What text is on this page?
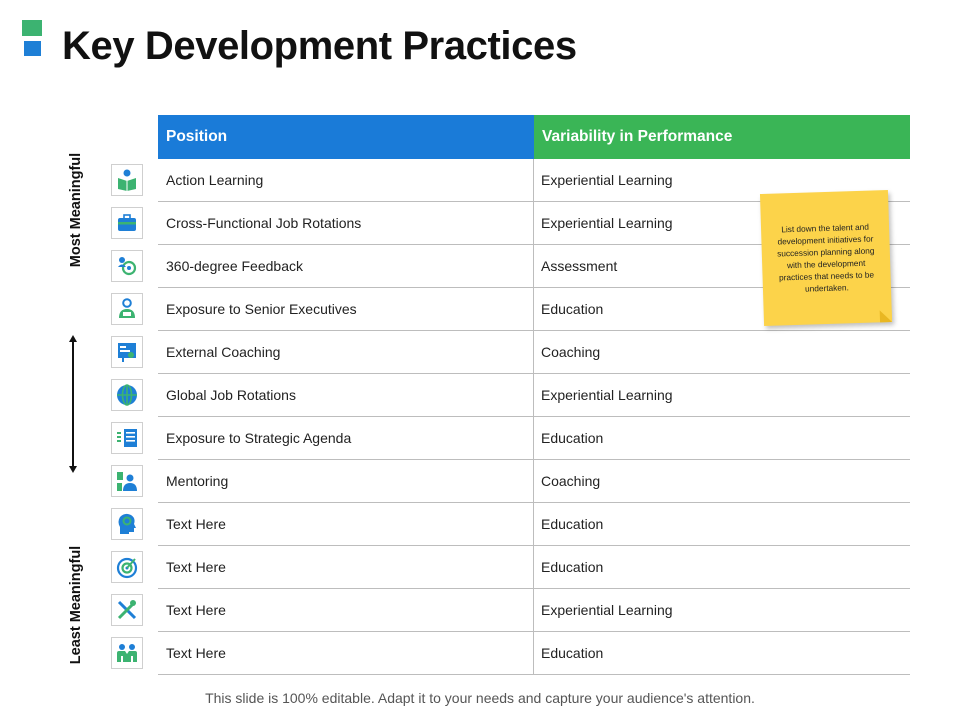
Key Development Practices
Most Meaningful
Least Meaningful
Position	Variability in Performance
Action Learning	Experiential Learning
Cross-Functional Job Rotations	Experiential Learning
360-degree Feedback	Assessment
Exposure to Senior Executives	Education
External Coaching	Coaching
Global Job Rotations	Experiential Learning
Exposure to Strategic Agenda	Education
Mentoring	Coaching
Text Here	Education
Text Here	Education
Text Here	Experiential Learning
Text Here	Education
List down the talent and development initiatives for succession planning along with the development practices that needs to be undertaken.
This slide is 100% editable. Adapt it to your needs and capture your audience's attention.
